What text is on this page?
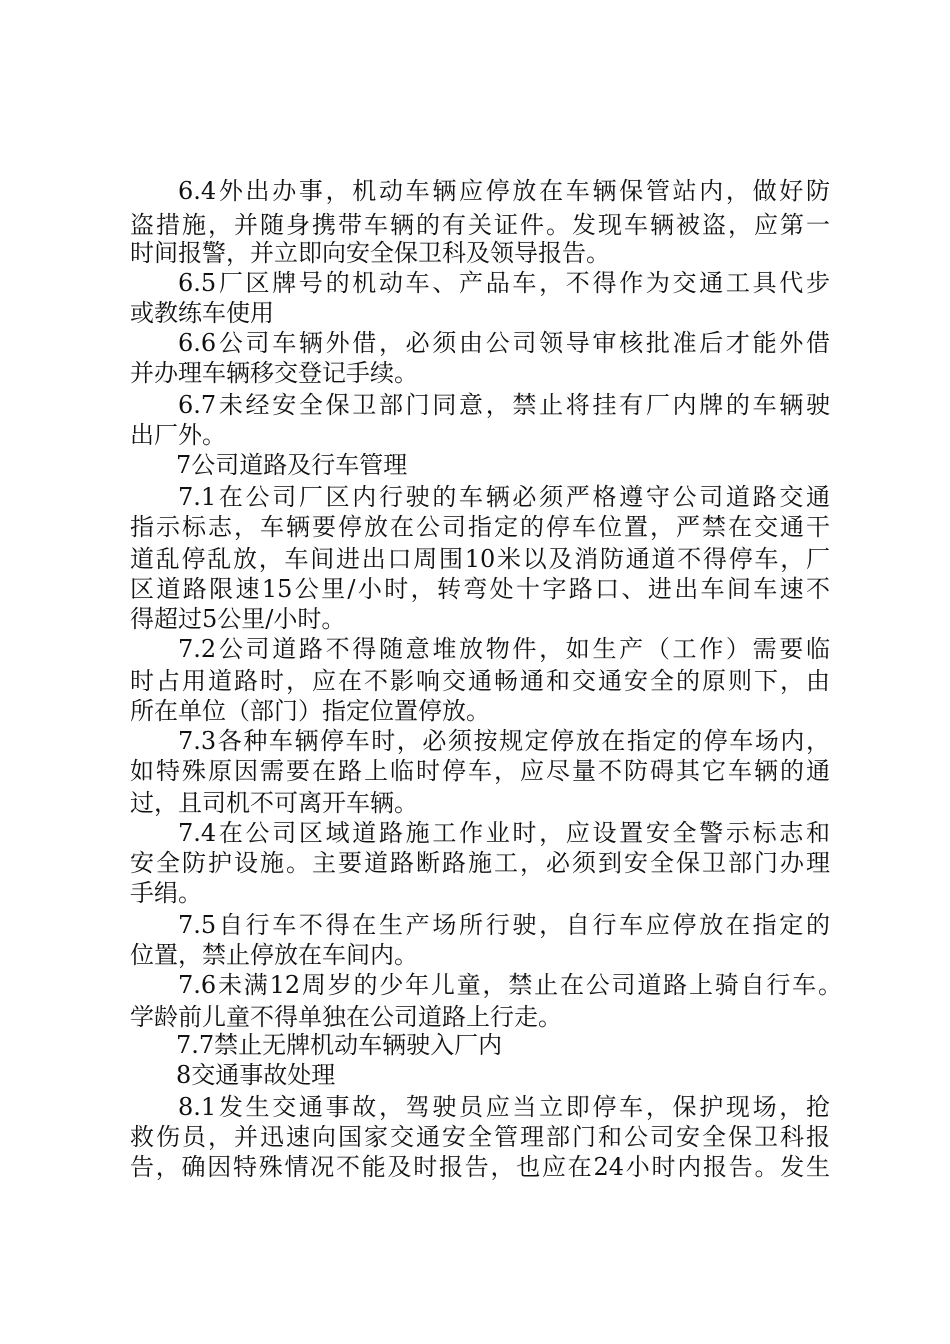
6.4外出办事，机动车辆应停放在车辆保管站内，做好防
盗措施，并随身携带车辆的有关证件。发现车辆被盗，应第一
时间报警，并立即向安全保卫科及领导报告。
6.5厂区牌号的机动车、产品车，不得作为交通工具代步
或教练车使用
6.6公司车辆外借，必须由公司领导审核批准后才能外借
并办理车辆移交登记手续。
6.7未经安全保卫部门同意，禁止将挂有厂内牌的车辆驶
出厂外。
7公司道路及行车管理
7.1在公司厂区内行驶的车辆必须严格遵守公司道路交通
指示标志，车辆要停放在公司指定的停车位置，严禁在交通干
道乱停乱放，车间进出口周围10米以及消防通道不得停车，厂
区道路限速15公里/小时，转弯处十字路口、进出车间车速不
得超过5公里/小时。
7.2公司道路不得随意堆放物件，如生产（工作）需要临
时占用道路时，应在不影响交通畅通和交通安全的原则下，由
所在单位（部门）指定位置停放。
7.3各种车辆停车时，必须按规定停放在指定的停车场内，
如特殊原因需要在路上临时停车，应尽量不防碍其它车辆的通
过，且司机不可离开车辆。
7.4在公司区域道路施工作业时，应设置安全警示标志和
安全防护设施。主要道路断路施工，必须到安全保卫部门办理
手绢。
7.5自行车不得在生产场所行驶，自行车应停放在指定的
位置，禁止停放在车间内。
7.6未满12周岁的少年儿童，禁止在公司道路上骑自行车。
学龄前儿童不得单独在公司道路上行走。
7.7禁止无牌机动车辆驶入厂内
8交通事故处理
8.1发生交通事故，驾驶员应当立即停车，保护现场，抢
救伤员，并迅速向国家交通安全管理部门和公司安全保卫科报
告，确因特殊情况不能及时报告，也应在24小时内报告。发生
